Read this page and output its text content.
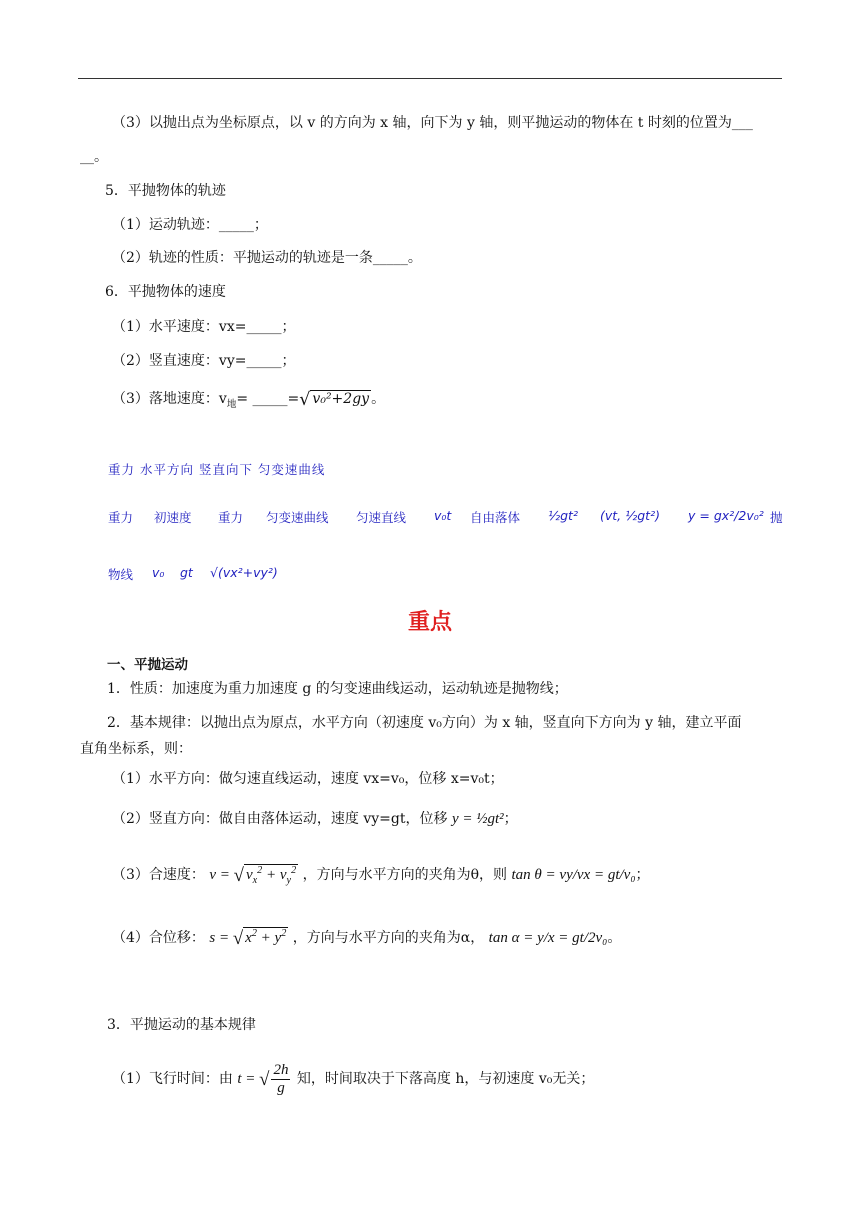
（3）以抛出点为坐标原点，以 v 的方向为 x 轴，向下为 y 轴，则平抛运动的物体在 t 时刻的位置为___
__。
5．平抛物体的轨迹
（1）运动轨迹：_____；
（2）轨迹的性质：平抛运动的轨迹是一条_____。
6．平抛物体的速度
（1）水平速度：vx=_____；
（2）竖直速度：vy=_____；
（3）落地速度：$v_地=$ _____=√ v₀²+2gy 。
重力 水平方向 竖直向下 匀变速曲线
重力 初速度 重力 匀变速曲线 匀速直线 v₀t 自由落体 ½gt² (vt, ½gt²) y = gx²/2v₀² 抛
物线 v₀ gt √(vx²+vy²)
重点
一、平抛运动
1．性质：加速度为重力加速度 g 的匀变速曲线运动，运动轨迹是抛物线；
2．基本规律：以抛出点为原点，水平方向（初速度 v₀方向）为 x 轴，竖直向下方向为 y 轴，建立平面
直角坐标系，则：
（1）水平方向：做匀速直线运动，速度 vx=v₀，位移 x=v₀t；
（2）竖直方向：做自由落体运动，速度 vy=gt，位移 y = ½gt²；
（3）合速度： v = √ $v_x^2 + v_y^2$ ，方向与水平方向的夹角为θ，则 tan θ = vy/vx = gt/v₀；
（4）合位移： s = √ $x^2 + y^2$ ，方向与水平方向的夹角为α， tan α = y/x = gt/2v₀。
3．平抛运动的基本规律
（1）飞行时间：由 t = √ $\frac{2h}{g}$ 知，时间取决于下落高度 h，与初速度 v₀无关；
